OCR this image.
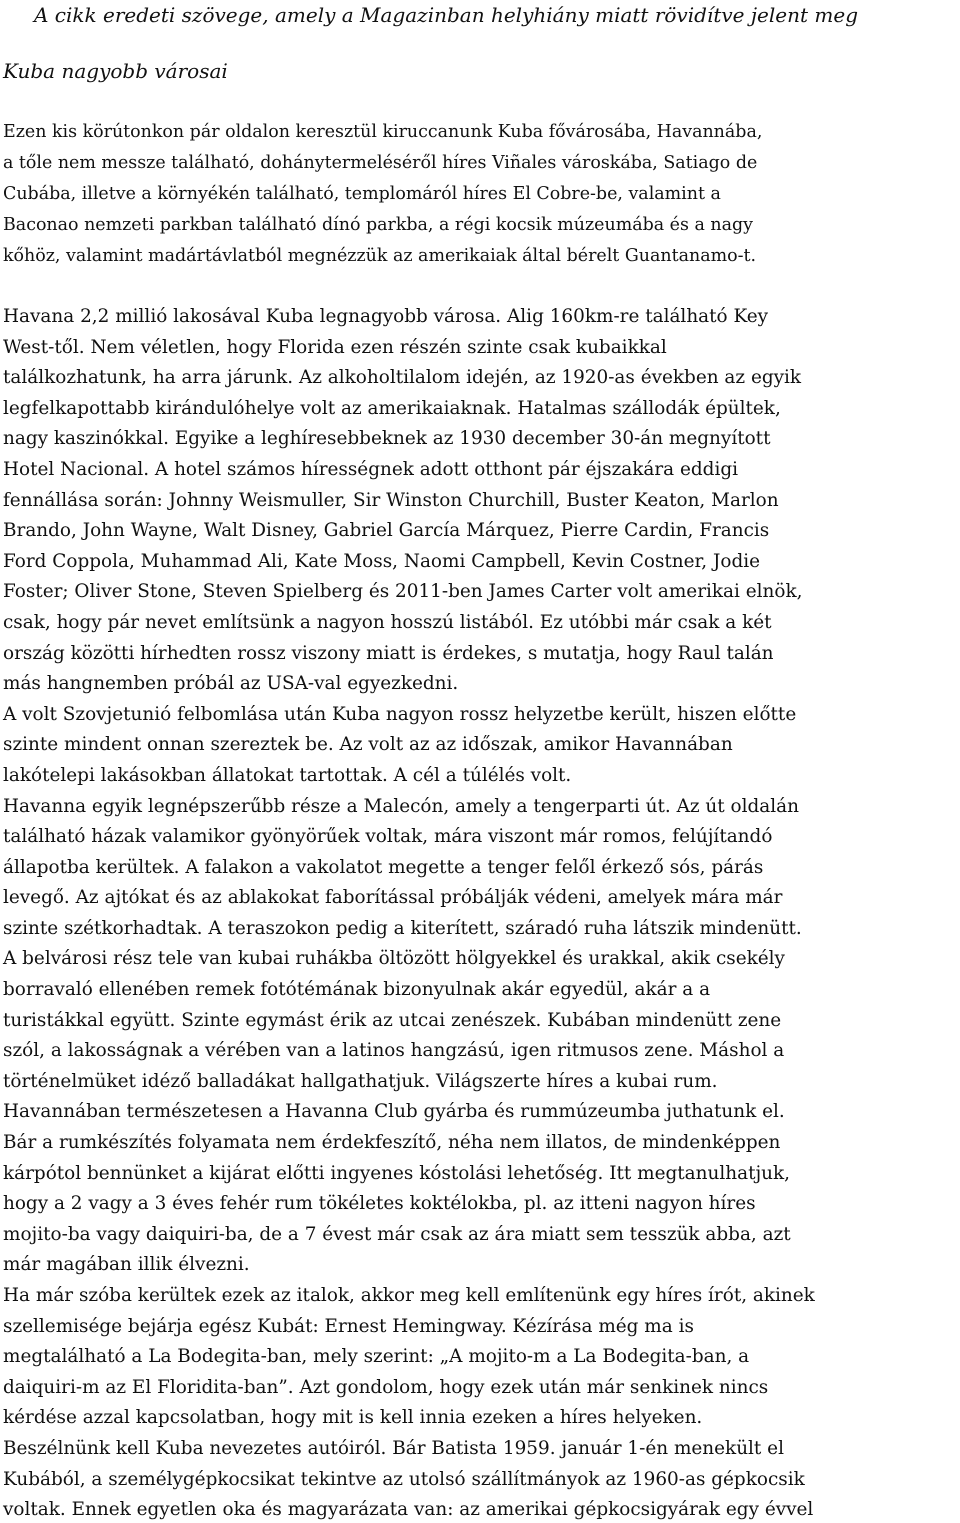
A cikk eredeti szövege, amely a Magazinban helyhiány miatt rövidítve jelent meg
Kuba nagyobb városai
Ezen kis körútonkon pár oldalon keresztül kiruccanunk Kuba fővárosába, Havannába,
a tőle nem messze található, dohánytermeléséről híres Viñales városkába, Satiago de
Cubába, illetve a környékén található, templomáról híres El Cobre-be, valamint a
Baconao nemzeti parkban található dínó parkba, a régi kocsik múzeumába és a nagy
kőhöz, valamint madártávlatból megnézzük az amerikaiak által bérelt Guantanamo-t.
Havana 2,2 millió lakosával Kuba legnagyobb városa. Alig 160km-re található Key
West-től. Nem véletlen, hogy Florida ezen részén szinte csak kubaikkal
találkozhatunk, ha arra járunk. Az alkoholtilalom idején, az 1920-as években az egyik
legfelkapottabb kirándulóhelye volt az amerikaiaknak. Hatalmas szállodák épültek,
nagy kaszinókkal. Egyike a leghíresebbeknek az 1930 december 30-án megnyított
Hotel Nacional. A hotel számos hírességnek adott otthont pár éjszakára eddigi
fennállása során: Johnny Weismuller, Sir Winston Churchill, Buster Keaton, Marlon
Brando, John Wayne, Walt Disney, Gabriel García Márquez, Pierre Cardin, Francis
Ford Coppola, Muhammad Ali, Kate Moss, Naomi Campbell, Kevin Costner, Jodie
Foster; Oliver Stone, Steven Spielberg és 2011-ben James Carter volt amerikai elnök,
csak, hogy pár nevet említsünk a nagyon hosszú listából. Ez utóbbi már csak a két
ország közötti hírhedten rossz viszony miatt is érdekes, s mutatja, hogy Raul talán
más hangnemben próbál az USA-val egyezkedni.
A volt Szovjetunió felbomlása után Kuba nagyon rossz helyzetbe került, hiszen előtte
szinte mindent onnan szereztek be. Az volt az az időszak, amikor Havannában
lakótelepi lakásokban állatokat tartottak. A cél a túlélés volt.
Havanna egyik legnépszerűbb része a Malecón, amely a tengerparti út. Az út oldalán
található házak valamikor gyönyörűek voltak, mára viszont már romos, felújítandó
állapotba kerültek. A falakon a vakolatot megette a tenger felől érkező sós, párás
levegő. Az ajtókat és az ablakokat faborítással próbálják védeni, amelyek mára már
szinte szétkorhadtak. A teraszokon pedig a kiterített, száradó ruha látszik mindenütt.
A belvárosi rész tele van kubai ruhákba öltözött hölgyekkel és urakkal, akik csekély
borravaló ellenében remek fotótémának bizonyulnak akár egyedül, akár a a
turistákkal együtt. Szinte egymást érik az utcai zenészek. Kubában mindenütt zene
szól, a lakosságnak a vérében van a latinos hangzású, igen ritmusos zene. Máshol a
történelmüket idéző balladákat hallgathatjuk. Világszerte híres a kubai rum.
Havannában természetesen a Havanna Club gyárba és rummúzeumba juthatunk el.
Bár a rumkészítés folyamata nem érdekfeszítő, néha nem illatos, de mindenképpen
kárpótol bennünket a kijárat előtti ingyenes kóstolási lehetőség. Itt megtanulhatjuk,
hogy a 2 vagy a 3 éves fehér rum tökéletes koktélokba, pl. az itteni nagyon híres
mojito-ba vagy daiquiri-ba, de a 7 évest már csak az ára miatt sem tesszük abba, azt
már magában illik élvezni.
Ha már szóba kerültek ezek az italok, akkor meg kell említenünk egy híres írót, akinek
szellemisége bejárja egész Kubát: Ernest Hemingway. Kézírása még ma is
megtalálható a La Bodegita-ban, mely szerint: „A mojito-m a La Bodegita-ban, a
daiquiri-m az El Floridita-ban”. Azt gondolom, hogy ezek után már senkinek nincs
kérdése azzal kapcsolatban, hogy mit is kell innia ezeken a híres helyeken.
Beszélnünk kell Kuba nevezetes autóiról. Bár Batista 1959. január 1-én menekült el
Kubából, a személygépkocsikat tekintve az utolsó szállítmányok az 1960-as gépkocsik
voltak. Ennek egyetlen oka és magyarázata van: az amerikai gépkocsigyárak egy évvel
